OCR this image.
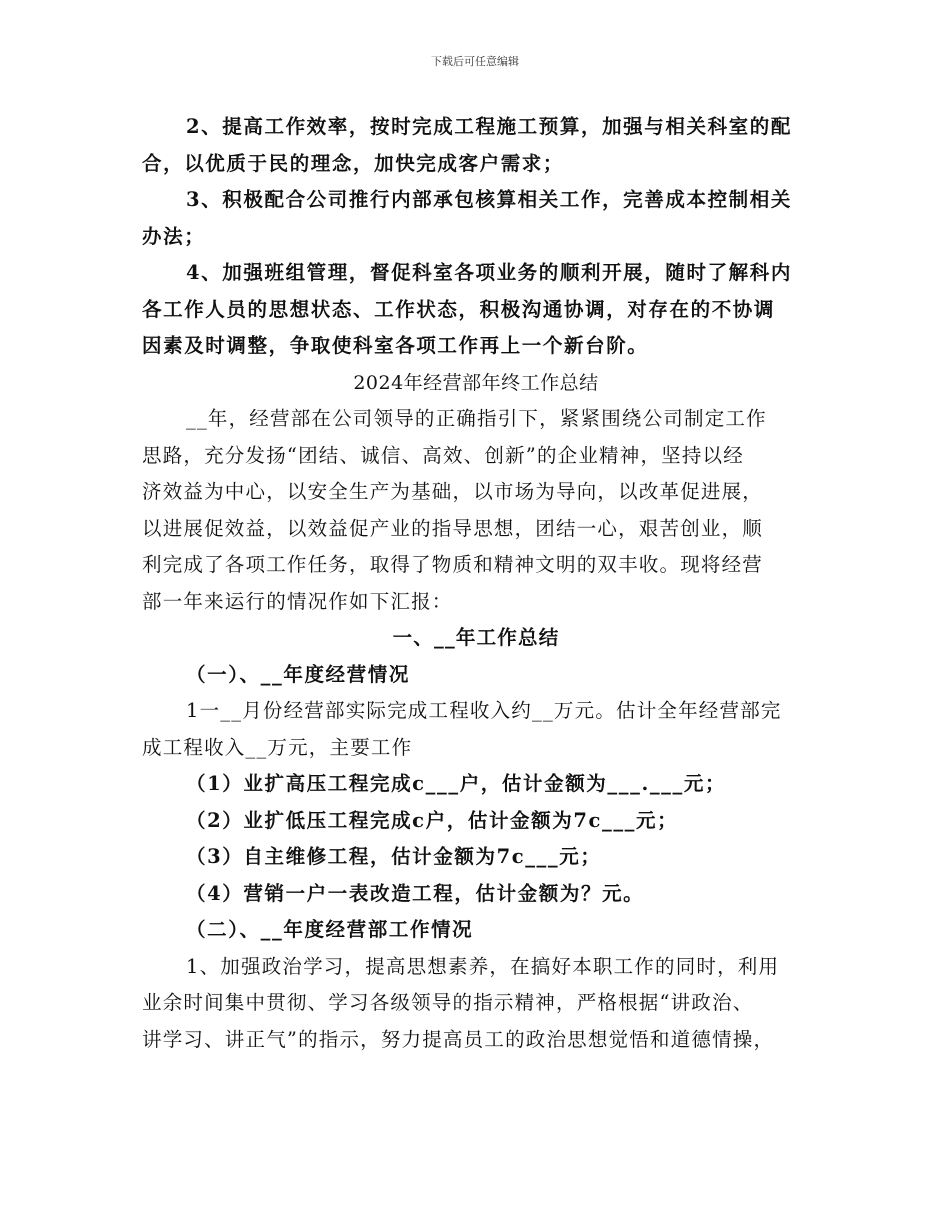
下载后可任意编辑

2、提高工作效率，按时完成工程施工预算，加强与相关科室的配

合，以优质于民的理念，加快完成客户需求；

3、积极配合公司推行内部承包核算相关工作，完善成本控制相关

办法；

4、加强班组管理，督促科室各项业务的顺利开展，随时了解科内

各工作人员的思想状态、工作状态，积极沟通协调，对存在的不协调

因素及时调整，争取使科室各项工作再上一个新台阶。

2024年经营部年终工作总结

__年，经营部在公司领导的正确指引下，紧紧围绕公司制定工作

思路，充分发扬“团结、诚信、高效、创新”的企业精神，坚持以经

济效益为中心，以安全生产为基础，以市场为导向，以改革促进展，

以进展促效益，以效益促产业的指导思想，团结一心，艰苦创业，顺

利完成了各项工作任务，取得了物质和精神文明的双丰收。现将经营

部一年来运行的情况作如下汇报：

一、__年工作总结

（一）、__年度经营情况

1一__月份经营部实际完成工程收入约__万元。估计全年经营部完

成工程收入__万元，主要工作

（1）业扩高压工程完成c___户，估计金额为___.___元；

（2）业扩低压工程完成c户，估计金额为7c___元；

（3）自主维修工程，估计金额为7c___元；

（4）营销一户一表改造工程，估计金额为？元。

（二）、__年度经营部工作情况

1、加强政治学习，提高思想素养，在搞好本职工作的同时，利用

业余时间集中贯彻、学习各级领导的指示精神，严格根据“讲政治、

讲学习、讲正气”的指示，努力提高员工的政治思想觉悟和道德情操，
